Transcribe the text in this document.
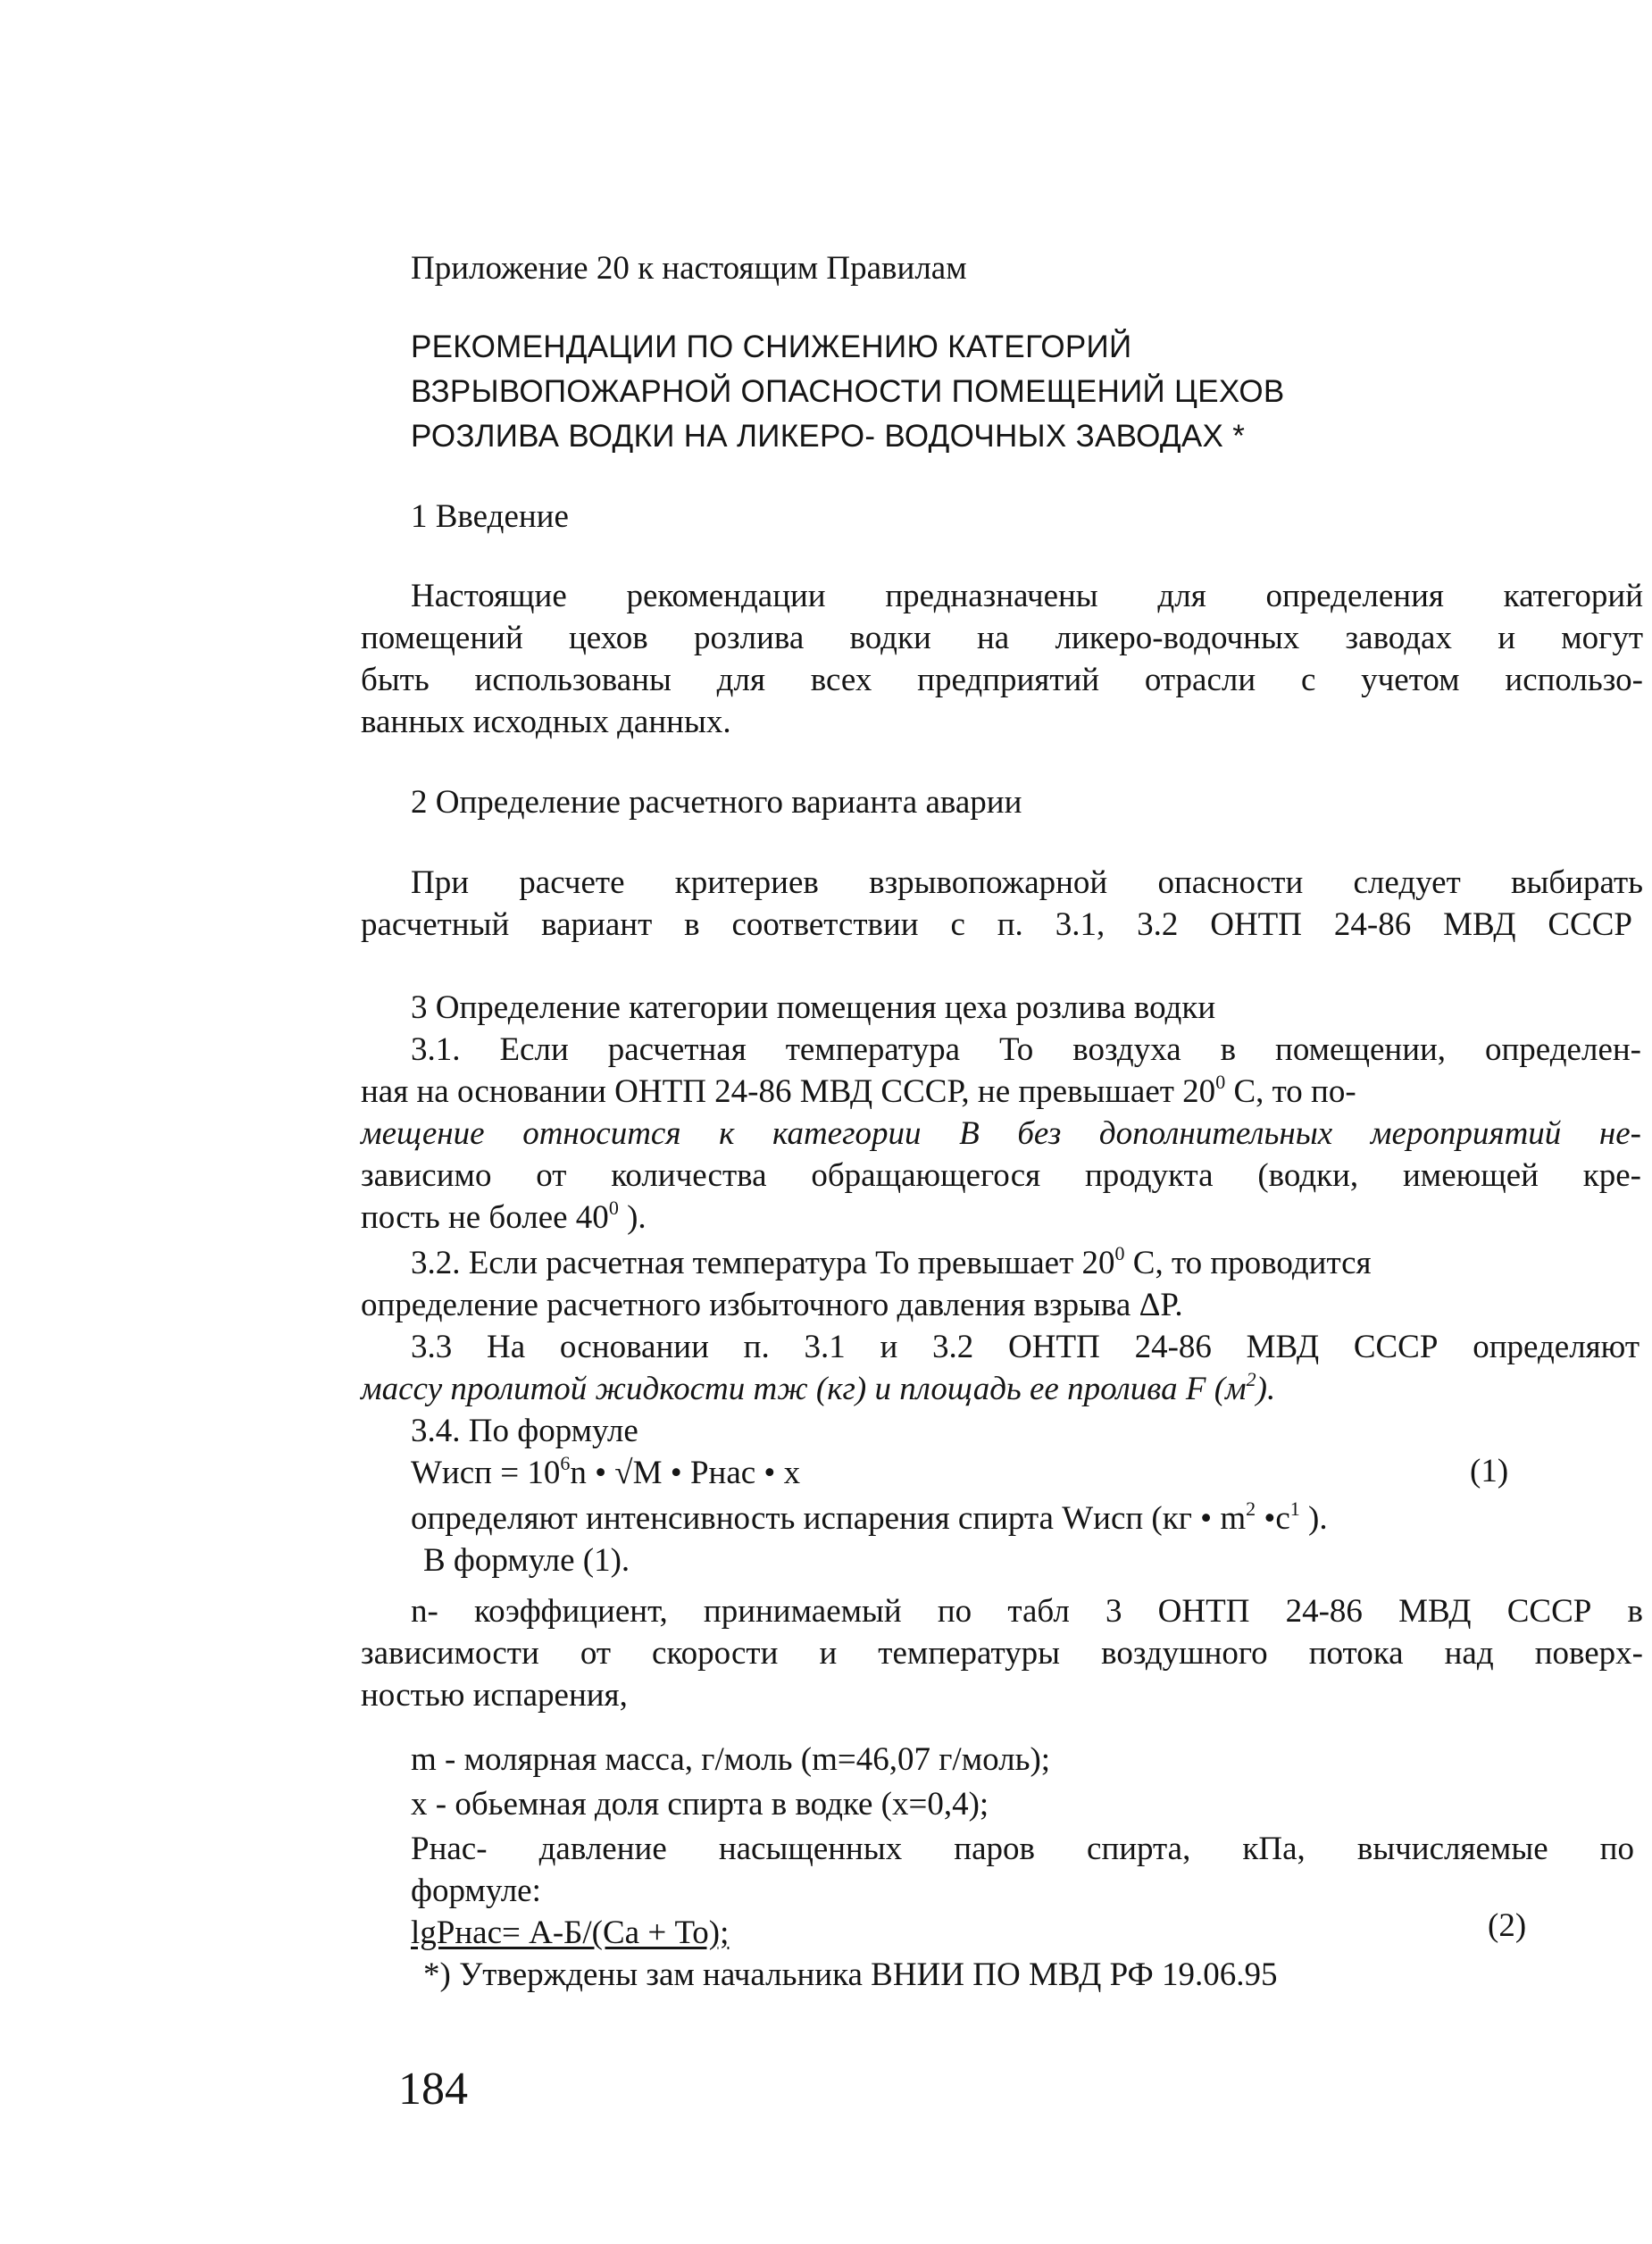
Приложение 20 к настоящим Правилам
РЕКОМЕНДАЦИИ ПО СНИЖЕНИЮ КАТЕГОРИЙ
ВЗРЫВОПОЖАРНОЙ ОПАСНОСТИ ПОМЕЩЕНИЙ ЦЕХОВ
РОЗЛИВА ВОДКИ НА ЛИКЕРО- ВОДОЧНЫХ ЗАВОДАХ *
1 Введение
Настоящие рекомендации предназначены для определения категорий
помещений цехов розлива водки на ликеро-водочных заводах и могут
быть использованы для всех предприятий отрасли с учетом использо-
ванных исходных данных.
2 Определение расчетного варианта аварии
При расчете критериев взрывопожарной опасности следует выбирать
расчетный вариант в соответствии с п. 3.1, 3.2 ОНТП 24-86 МВД СССР
3 Определение категории помещения цеха розлива водки
3.1. Если расчетная температура То воздуха в помещении, определен-
ная на основании ОНТП 24-86 МВД СССР, не превышает $20^0$ С, то по-
мещение относится к категории В без дополнительных мероприятий не-
зависимо от количества обращающегося продукта (водки, имеющей кре-
пость не более $40^0$ ).
3.2. Если расчетная температура То превышает $20^0$ С, то проводится
определение расчетного избыточного давления взрыва ΔР.
3.3 На основании п. 3.1 и 3.2 ОНТП 24-86 МВД СССР определяют
массу пролитой жидкости mж (кг) и площадь ее пролива F $(м^2)$.
3.4. По формуле
Wисп = $10^6n$ • √M • Pнас • x	(1)
определяют интенсивность испарения спирта Wисп (кг • $m^2$ $•c^1$ ).
В формуле (1).
n- коэффициент, принимаемый по табл 3 ОНТП 24-86 МВД СССР в
зависимости от скорости и температуры воздушного потока над поверх-
ностью испарения,
m - молярная масса, г/моль (m=46,07 г/моль);
x - обьемная доля спирта в водке (x=0,4);
Pнас- давление насыщенных паров спирта, кПа, вычисляемые по
формуле:
lgPнас= А-Б/(Са + То);	(2)
*) Утверждены зам начальника ВНИИ ПО МВД РФ 19.06.95
184
